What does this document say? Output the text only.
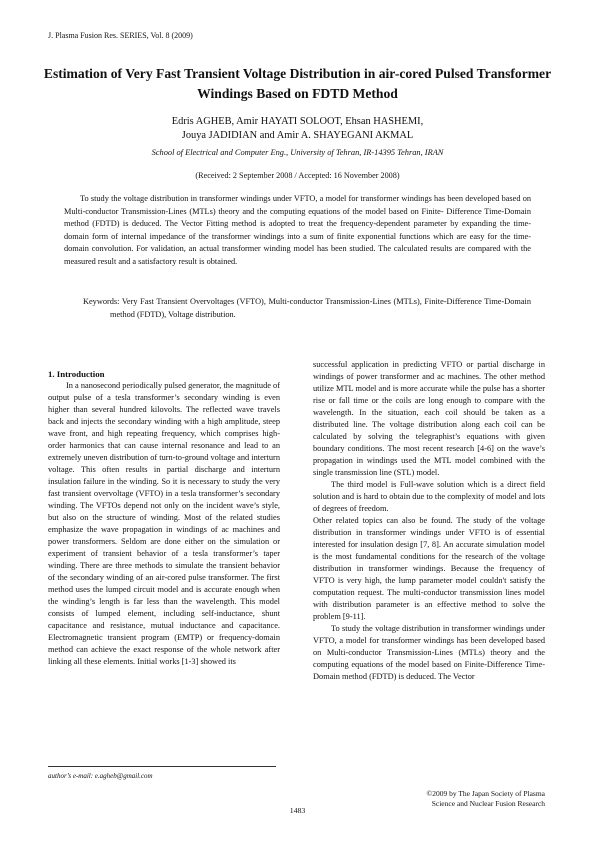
J. Plasma Fusion Res. SERIES, Vol. 8 (2009)
Estimation of Very Fast Transient Voltage Distribution in air-cored Pulsed Transformer Windings Based on FDTD Method
Edris AGHEB, Amir HAYATI SOLOOT, Ehsan HASHEMI,
Jouya JADIDIAN and Amir A. SHAYEGANI AKMAL
School of Electrical and Computer Eng., University of Tehran, IR-14395 Tehran, IRAN
(Received: 2 September 2008 / Accepted: 16 November 2008)

To study the voltage distribution in transformer windings under VFTO, a model for transformer windings has been developed based on Multi-conductor Transmission-Lines (MTLs) theory and the computing equations of the model based on Finite- Difference Time-Domain method (FDTD) is deduced. The Vector Fitting method is adopted to treat the frequency-dependent parameter by expanding the time-domain form of internal impedance of the transformer windings into a sum of finite exponential functions which are easy for the time-domain convolution. For validation, an actual transformer winding model has been studied. The calculated results are compared with the measured result and a satisfactory result is obtained.

Keywords: Very Fast Transient Overvoltages (VFTO), Multi-conductor Transmission-Lines (MTLs), Finite-Difference Time-Domain method (FDTD), Voltage distribution.

1. Introduction

In a nanosecond periodically pulsed generator, the magnitude of output pulse of a tesla transformer’s secondary winding is even higher than several hundred kilovolts. The reflected wave travels back and injects the secondary winding with a high amplitude, steep wave front, and high repeating frequency, which comprises high-order harmonics that can cause internal resonance and lead to an extremely uneven distribution of turn-to-ground voltage and interturn voltage. This often results in partial discharge and interturn insulation failure in the winding. So it is necessary to study the very fast transient overvoltage (VFTO) in a tesla transformer’s secondary winding. The VFTOs depend not only on the incident wave’s style, but also on the structure of winding. Most of the related studies emphasize the wave propagation in windings of ac machines and power transformers. Seldom are done either on the simulation or experiment of transient behavior of a tesla transformer’s taper winding. There are three methods to simulate the transient behavior of the secondary winding of an air-cored pulse transformer. The first method uses the lumped circuit model and is accurate enough when the winding’s length is far less than the wavelength. This model consists of lumped element, including self-inductance, shunt capacitance and resistance, mutual inductance and capacitance. Electromagnetic transient program (EMTP) or frequency-domain method can achieve the exact response of the whole network after linking all these elements. Initial works [1-3] showed its

successful application in predicting VFTO or partial discharge in windings of power transformer and ac machines. The other method utilize MTL model and is more accurate while the pulse has a shorter rise or fall time or the coils are long enough to compare with the wavelength. In the situation, each coil should be taken as a distributed line. The voltage distribution along each coil can be calculated by solving the telegraphist’s equations with given boundary conditions. The most recent research [4-6] on the wave’s propagation in windings used the MTL model combined with the single transmission line (STL) model.

The third model is Full-wave solution which is a direct field solution and is hard to obtain due to the complexity of model and lots of degrees of freedom.

Other related topics can also be found. The study of the voltage distribution in transformer windings under VFTO is of essential interested for insulation design [7, 8]. An accurate simulation model is the most fundamental conditions for the research of the voltage distribution in transformer windings. Because the frequency of VFTO is very high, the lump parameter model couldn't satisfy the computation request. The multi-conductor transmission lines model with distribution parameter is an effective method to solve the problem [9-11].

To study the voltage distribution in transformer windings under VFTO, a model for transformer windings has been developed based on Multi-conductor Transmission-Lines (MTLs) theory and the computing equations of the model based on Finite-Difference Time-Domain method (FDTD) is deduced. The Vector

author’s e-mail: e.agheb@gmail.com
©2009 by The Japan Society of Plasma
Science and Nuclear Fusion Research
1483
